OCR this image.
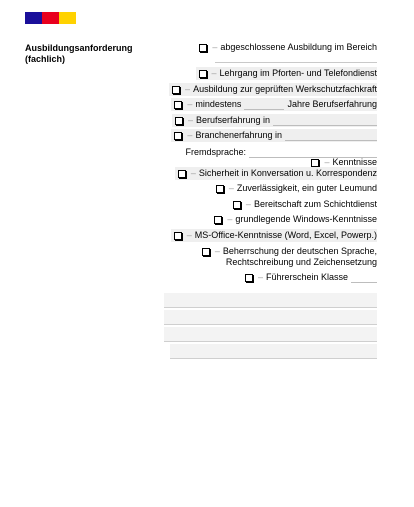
Ausbildungsanforderung (fachlich)
– abgeschlossene Ausbildung im Bereich
– Lehrgang im Pforten- und Telefondienst
– Ausbildung zur geprüften Werkschutzfachkraft
– mindestens	Jahre Berufserfahrung
– Berufserfahrung in
– Branchenerfahrung in
Fremdsprache:
– Kenntnisse
– Sicherheit in Konversation u. Korrespondenz
– Zuverlässigkeit, ein guter Leumund
– Bereitschaft zum Schichtdienst
– grundlegende Windows-Kenntnisse
– MS-Office-Kenntnisse (Word, Excel, Powerp.)
– Beherrschung der deutschen Sprache,
Rechtschreibung und Zeichensetzung
– Führerschein Klasse
